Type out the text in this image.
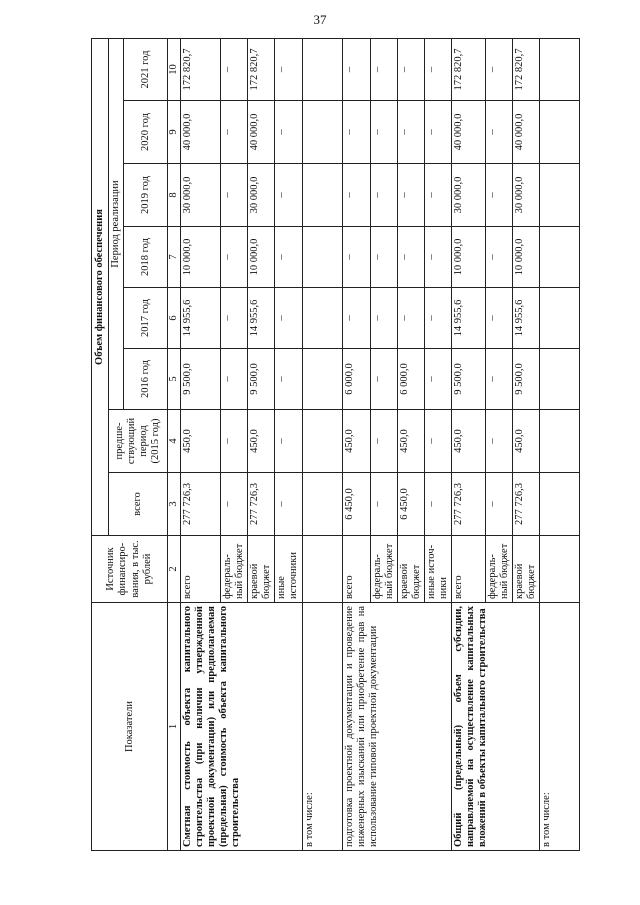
37
Показатели	Источник финансиро-вания, в тыс. рублей	Объем финансового обеспечения							
		всего	предше-ствующий период (2015 год)	Период реализации					
				2016 год	2017 год	2018 год	2019 год	2020 год	2021 год
1	2	3	4	5	6	7	8	9	10
Сметная стоимость объекта капитального строительства (при наличии утвержденной проектной документации) или предполагаемая (предельная) стоимость объекта капитального строительства	всего	277 726,3	450,0	9 500,0	14 955,6	10 000,0	30 000,0	40 000,0	172 820,7
	федераль-ный бюджет	–	–	–	–	–	–	–	–
	краевой бюджет	277 726,3	450,0	9 500,0	14 955,6	10 000,0	30 000,0	40 000,0	172 820,7
	иные источники	–	–	–	–	–	–	–	–
в том числе:									
подготовка проектной документации и проведение инженерных изысканий или приобретение прав на использование типовой проектной документации	всего	6 450,0	450,0	6 000,0	–	–	–	–	–
	федераль-ный бюджет	–	–	–	–	–	–	–	–
	краевой бюджет	6 450,0	450,0	6 000,0	–	–	–	–	–
	иные источ-ники	–	–	–	–	–	–	–	–
Общий (предельный) объем субсидии, направляемой на осуществление капитальных вложений в объекты капитального строительства	всего	277 726,3	450,0	9 500,0	14 955,6	10 000,0	30 000,0	40 000,0	172 820,7
	федераль-ный бюджет	–	–	–	–	–	–	–	–
	краевой бюджет	277 726,3	450,0	9 500,0	14 955,6	10 000,0	30 000,0	40 000,0	172 820,7
в том числе:									
